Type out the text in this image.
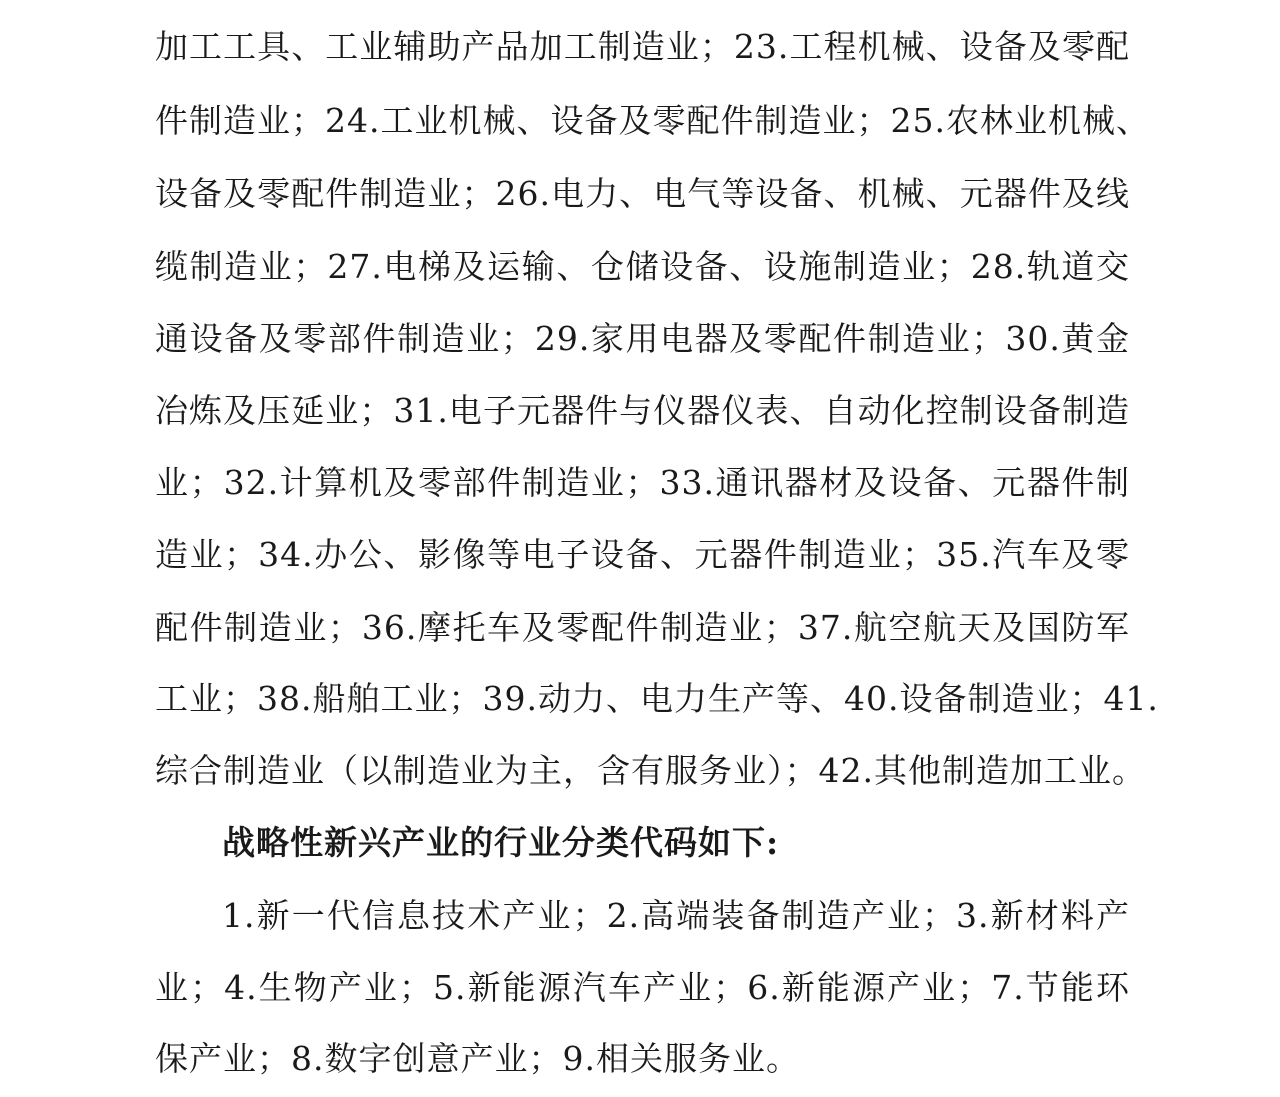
加工工具、工业辅助产品加工制造业；23.工程机械、设备及零配
件制造业；24.工业机械、设备及零配件制造业；25.农林业机械、
设备及零配件制造业；26.电力、电气等设备、机械、元器件及线
缆制造业；27.电梯及运输、仓储设备、设施制造业；28.轨道交
通设备及零部件制造业；29.家用电器及零配件制造业；30.黄金
冶炼及压延业；31.电子元器件与仪器仪表、自动化控制设备制造
业；32.计算机及零部件制造业；33.通讯器材及设备、元器件制
造业；34.办公、影像等电子设备、元器件制造业；35.汽车及零
配件制造业；36.摩托车及零配件制造业；37.航空航天及国防军
工业；38.船舶工业；39.动力、电力生产等、40.设备制造业；41.
综合制造业（以制造业为主，含有服务业）；42.其他制造加工业。
战略性新兴产业的行业分类代码如下:
1.新一代信息技术产业；2.高端装备制造产业；3.新材料产
业；4.生物产业；5.新能源汽车产业；6.新能源产业；7.节能环
保产业；8.数字创意产业；9.相关服务业。
